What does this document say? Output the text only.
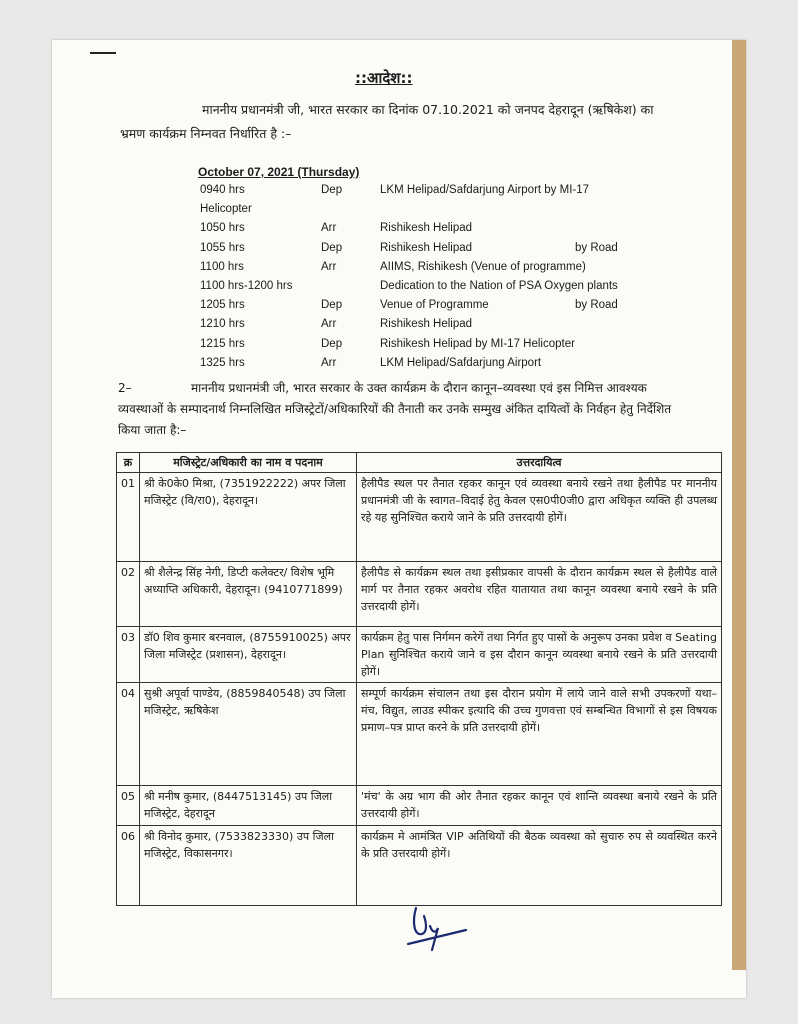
::आदेश::
माननीय प्रधानमंत्री जी, भारत सरकार का दिनांक 07.10.2021 को जनपद देहरादून (ऋषिकेश) का भ्रमण कार्यक्रम निम्नवत निर्धारित है :–
October 07, 2021 (Thursday)
0940 hrs	Dep	LKM Helipad/Safdarjung Airport by MI-17
Helicopter
1050 hrs	Arr	Rishikesh Helipad
1055 hrs	Dep	Rishikesh Helipad	by Road
1100 hrs	Arr	AIIMS, Rishikesh (Venue of programme)
1100 hrs-1200 hrs	Dedication to the Nation of PSA Oxygen plants
1205 hrs	Dep	Venue of Programme	by Road
1210 hrs	Arr	Rishikesh Helipad
1215 hrs	Dep	Rishikesh Helipad by MI-17 Helicopter
1325 hrs	Arr	LKM Helipad/Safdarjung Airport
2–	माननीय प्रधानमंत्री जी, भारत सरकार के उक्त कार्यक्रम के दौरान कानून–व्यवस्था एवं इस निमित्त आवश्यक व्यवस्थाओं के सम्पादनार्थ निम्नलिखित मजिस्ट्रेटों/अधिकारियों की तैनाती कर उनके सम्मुख अंकित दायित्वों के निर्वहन हेतु निर्देशित किया जाता है:–
क्र	मजिस्ट्रेट/अधिकारी का नाम व पदनाम	उत्तरदायित्व
01	श्री के0के0 मिश्रा, (7351922222) अपर जिला मजिस्ट्रेट (वि/रा0), देहरादून।	हैलीपैड स्थल पर तैनात रहकर कानून एवं व्यवस्था बनाये रखने तथा हैलीपैड पर माननीय प्रधानमंत्री जी के स्वागत–विदाई हेतु केवल एस0पी0जी0 द्वारा अधिकृत व्यक्ति ही उपलब्ध रहे यह सुनिश्चित कराये जाने के प्रति उत्तरदायी होगें।
02	श्री शैलेन्द्र सिंह नेगी, डिप्टी कलेक्टर/ विशेष भूमि अध्याप्ति अधिकारी, देहरादून। (9410771899)	हैलीपैड से कार्यक्रम स्थल तथा इसीप्रकार वापसी के दौरान कार्यक्रम स्थल से हैलीपैड वाले मार्ग पर तैनात रहकर अवरोध रहित यातायात तथा कानून व्यवस्था बनाये रखने के प्रति उत्तरदायी होगें।
03	डॉ0 शिव कुमार बरनवाल, (8755910025) अपर जिला मजिस्ट्रेट (प्रशासन), देहरादून।	कार्यक्रम हेतु पास निर्गमन करेगें तथा निर्गत हुए पासों के अनुरूप उनका प्रवेश व Seating Plan सुनिश्चित कराये जाने व इस दौरान कानून व्यवस्था बनाये रखने के प्रति उत्तरदायी होगें।
04	सुश्री अपूर्वा पाण्डेय, (8859840548) उप जिला मजिस्ट्रेट, ऋषिकेश	सम्पूर्ण कार्यक्रम संचालन तथा इस दौरान प्रयोग में लाये जाने वाले सभी उपकरणों यथा–मंच, विद्युत, लाउड स्पीकर इत्यादि की उच्च गुणवत्ता एवं सम्बन्धित विभागों से इस विषयक प्रमाण–पत्र प्राप्त करने के प्रति उत्तरदायी होगें।
05	श्री मनीष कुमार, (8447513145) उप जिला मजिस्ट्रेट, देहरादून	'मंच' के अग्र भाग की ओर तैनात रहकर कानून एवं शान्ति व्यवस्था बनाये रखने के प्रति उत्तरदायी होगें।
06	श्री विनोद कुमार, (7533823330) उप जिला मजिस्ट्रेट, विकासनगर।	कार्यक्रम मे आमंत्रित VIP अतिथियों की बैठक व्यवस्था को सुचारु रुप से व्यवस्थित करने के प्रति उत्तरदायी होगें।
